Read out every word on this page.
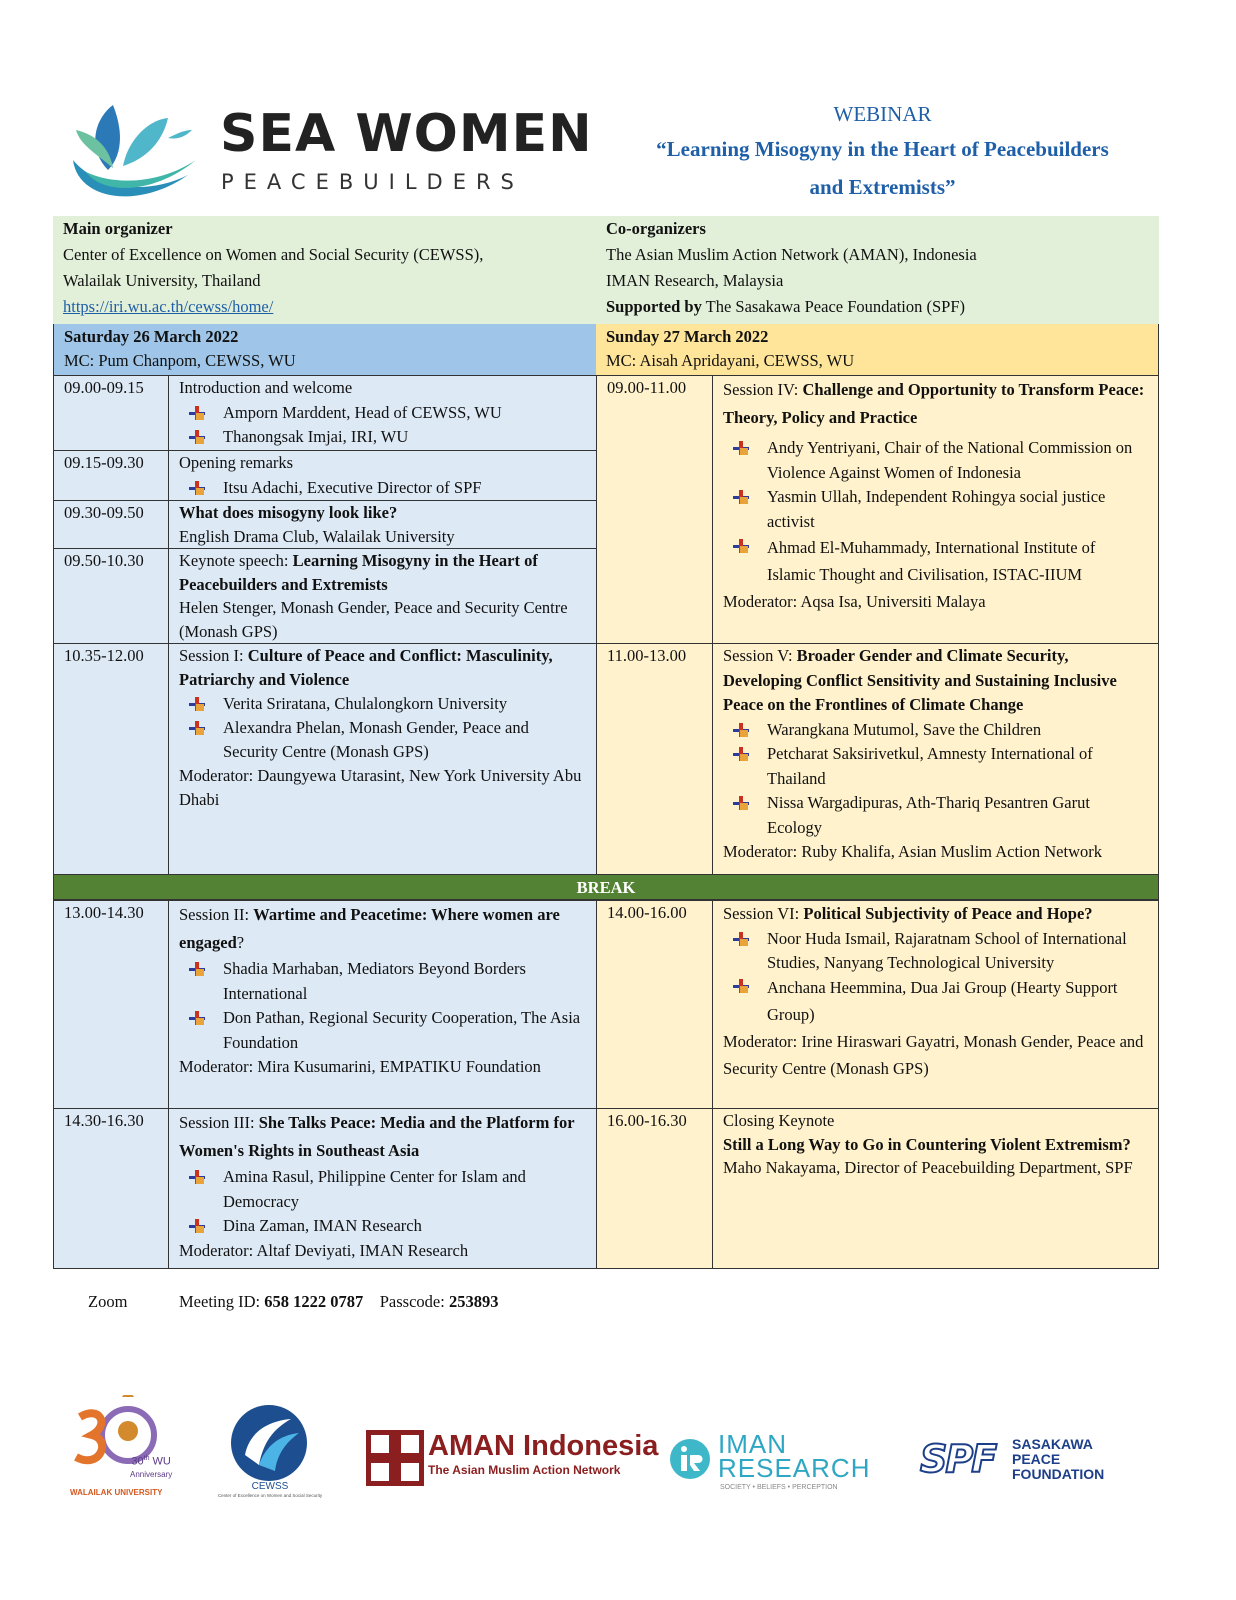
SEA WOMEN
PEACEBUILDERS
WEBINAR
“Learning Misogyny in the Heart of Peacebuilders
and Extremists”
Main organizer
Center of Excellence on Women and Social Security (CEWSS),
Walailak University, Thailand
https://iri.wu.ac.th/cewss/home/
Co-organizers
The Asian Muslim Action Network (AMAN), Indonesia
IMAN Research, Malaysia
Supported by The Sasakawa Peace Foundation (SPF)
Saturday 26 March 2022
MC: Pum Chanpom, CEWSS, WU
Sunday 27 March 2022
MC: Aisah Apridayani, CEWSS, WU
09.00-09.15	Introduction and welcome
Amporn Marddent, Head of CEWSS, WU
Thanongsak Imjai, IRI, WU
09.15-09.30	Opening remarks
Itsu Adachi, Executive Director of SPF
09.30-09.50	What does misogyny look like?
English Drama Club, Walailak University
09.50-10.30	Keynote speech: Learning Misogyny in the Heart of Peacebuilders and Extremists
Helen Stenger, Monash Gender, Peace and Security Centre (Monash GPS)
10.35-12.00	Session I: Culture of Peace and Conflict: Masculinity, Patriarchy and Violence
Verita Sriratana, Chulalongkorn University
Alexandra Phelan, Monash Gender, Peace and Security Centre (Monash GPS)
Moderator: Daungyewa Utarasint, New York University Abu Dhabi
09.00-11.00	Session IV: Challenge and Opportunity to Transform Peace: Theory, Policy and Practice
Andy Yentriyani, Chair of the National Commission on Violence Against Women of Indonesia
Yasmin Ullah, Independent Rohingya social justice activist
Ahmad El-Muhammady, International Institute of Islamic Thought and Civilisation, ISTAC-IIUM
Moderator: Aqsa Isa, Universiti Malaya
11.00-13.00	Session V: Broader Gender and Climate Security, Developing Conflict Sensitivity and Sustaining Inclusive Peace on the Frontlines of Climate Change
Warangkana Mutumol, Save the Children
Petcharat Saksirivetkul, Amnesty International of Thailand
Nissa Wargadipuras, Ath-Thariq Pesantren Garut Ecology
Moderator: Ruby Khalifa, Asian Muslim Action Network
13.00-14.30	Session II: Wartime and Peacetime: Where women are engaged?
Shadia Marhaban, Mediators Beyond Borders International
Don Pathan, Regional Security Cooperation, The Asia Foundation
Moderator: Mira Kusumarini, EMPATIKU Foundation
14.30-16.30	Session III: She Talks Peace: Media and the Platform for Women's Rights in Southeast Asia
Amina Rasul, Philippine Center for Islam and Democracy
Dina Zaman, IMAN Research
Moderator: Altaf Deviyati, IMAN Research
14.00-16.00	Session VI: Political Subjectivity of Peace and Hope?
Noor Huda Ismail, Rajaratnam School of International Studies, Nanyang Technological University
Anchana Heemmina, Dua Jai Group (Hearty Support Group)
Moderator: Irine Hiraswari Gayatri, Monash Gender, Peace and Security Centre (Monash GPS)
16.00-16.30	Closing Keynote
Still a Long Way to Go in Countering Violent Extremism?
Maho Nakayama, Director of Peacebuilding Department, SPF
BREAK
Zoom	Meeting ID: 658 1222 0787 Passcode: 253893
30th WU
Anniversary
WALAILAK UNIVERSITY
CEWSS
Center of Excellence on Women and Social Security
AMAN Indonesia
The Asian Muslim Action Network
IMAN
RESEARCH
SOCIETY • BELIEFS • PERCEPTION
SPF SASAKAWA
PEACE
FOUNDATION
